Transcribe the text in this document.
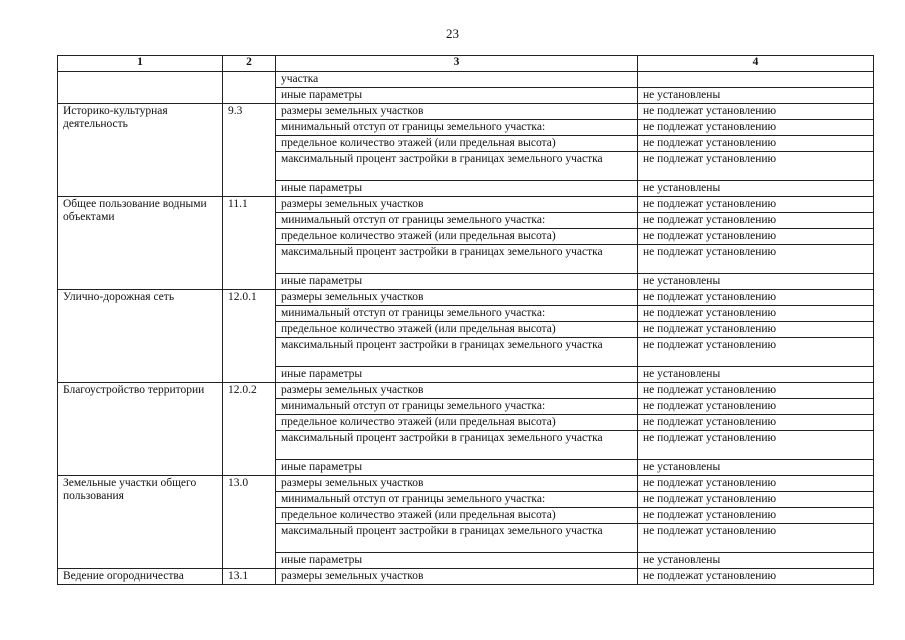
23
1	2	3	4
		участка	
		иные параметры	не установлены
Историко-культурная деятельность	9.3	размеры земельных участков	не подлежат установлению
		минимальный отступ от границы земельного участка:	не подлежат установлению
		предельное количество этажей (или предельная высота)	не подлежат установлению
		максимальный процент застройки в границах земельного участка	не подлежат установлению
		иные параметры	не установлены
Общее пользование водными объектами	11.1	размеры земельных участков	не подлежат установлению
		минимальный отступ от границы земельного участка:	не подлежат установлению
		предельное количество этажей (или предельная высота)	не подлежат установлению
		максимальный процент застройки в границах земельного участка	не подлежат установлению
		иные параметры	не установлены
Улично-дорожная сеть	12.0.1	размеры земельных участков	не подлежат установлению
		минимальный отступ от границы земельного участка:	не подлежат установлению
		предельное количество этажей (или предельная высота)	не подлежат установлению
		максимальный процент застройки в границах земельного участка	не подлежат установлению
		иные параметры	не установлены
Благоустройство территории	12.0.2	размеры земельных участков	не подлежат установлению
		минимальный отступ от границы земельного участка:	не подлежат установлению
		предельное количество этажей (или предельная высота)	не подлежат установлению
		максимальный процент застройки в границах земельного участка	не подлежат установлению
		иные параметры	не установлены
Земельные участки общего пользования	13.0	размеры земельных участков	не подлежат установлению
		минимальный отступ от границы земельного участка:	не подлежат установлению
		предельное количество этажей (или предельная высота)	не подлежат установлению
		максимальный процент застройки в границах земельного участка	не подлежат установлению
		иные параметры	не установлены
Ведение огородничества	13.1	размеры земельных участков	не подлежат установлению
